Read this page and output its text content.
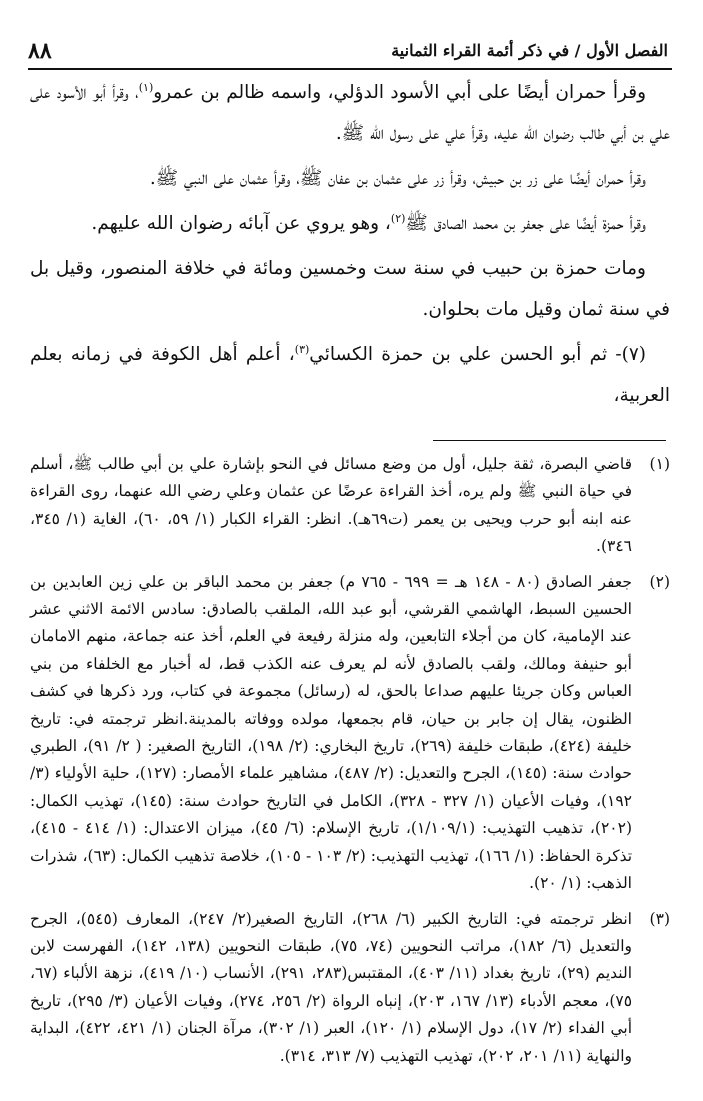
٨٨	الفصل الأول / في ذكر أئمة القراء الثمانية

وقرأ حمران أيضًا على أبي الأسود الدؤلي، واسمه ظالم بن عمرو$^{(١)}$، وقرأ أبو الأسود على علي بن أبي طالب رضوان الله عليه، وقرأ علي على رسول الله ﷺ.

وقرأ حمران أيضًا على زر بن حبيش، وقرأ زر على عثمان بن عفان ﷺ، وقرأ عثمان على النبي ﷺ.

وقرأ حمزة أيضًا على جعفر بن محمد الصادق ﷺ$^{(٢)}$، وهو يروي عن آبائه رضوان الله عليهم.

ومات حمزة بن حبيب في سنة ست وخمسين ومائة في خلافة المنصور، وقيل بل في سنة ثمان وقيل مات بحلوان.

(٧)- ثم أبو الحسن علي بن حمزة الكسائي$^{(٣)}$، أعلم أهل الكوفة في زمانه بعلم العربية،

(١)
قاضي البصرة، ثقة جليل، أول من وضع مسائل في النحو بإشارة علي بن أبي طالب ﷺ، أسلم في حياة النبي ﷺ ولم يره، أخذ القراءة عرضًا عن عثمان وعلي رضي الله عنهما، روى القراءة عنه ابنه أبو حرب ويحيى بن يعمر (ت٦٩هـ). انظر: القراء الكبار (١/ ٥٩، ٦٠)، الغاية (١/ ٣٤٥، ٣٤٦).
(٢)
جعفر الصادق (٨٠ - ١٤٨ هـ = ٦٩٩ - ٧٦٥ م) جعفر بن محمد الباقر بن علي زين العابدين بن الحسين السبط، الهاشمي القرشي، أبو عبد الله، الملقب بالصادق: سادس الائمة الاثني عشر عند الإمامية، كان من أجلاء التابعين، وله منزلة رفيعة في العلم، أخذ عنه جماعة، منهم الامامان أبو حنيفة ومالك، ولقب بالصادق لأنه لم يعرف عنه الكذب قط، له أخبار مع الخلفاء من بني العباس وكان جريئا عليهم صداعا بالحق، له (رسائل) مجموعة في كتاب، ورد ذكرها في كشف الظنون، يقال إن جابر بن حيان، قام بجمعها، مولده ووفاته بالمدينة.انظر ترجمته في: تاريخ خليفة (٤٢٤)، طبقات خليفة (٢٦٩)، تاريخ البخاري: (٢/ ١٩٨)، التاريخ الصغير: ( ٢/ ٩١)، الطبري حوادث سنة: (١٤٥)، الجرح والتعديل: (٢/ ٤٨٧)، مشاهير علماء الأمصار: (١٢٧)، حلية الأولياء (٣/ ١٩٢)، وفيات الأعيان (١/ ٣٢٧ - ٣٢٨)، الكامل في التاريخ حوادث سنة: (١٤٥)، تهذيب الكمال: (٢٠٢)، تذهيب التهذيب: (١/١٠٩/١)، تاريخ الإسلام: (٦/ ٤٥)، ميزان الاعتدال: (١/ ٤١٤ - ٤١٥)، تذكرة الحفاظ: (١/ ١٦٦)، تهذيب التهذيب: (٢/ ١٠٣ - ١٠٥)، خلاصة تذهيب الكمال: (٦٣)، شذرات الذهب: (١/ ٢٠).
(٣)
انظر ترجمته في: التاريخ الكبير (٦/ ٢٦٨)، التاريخ الصغير(٢/ ٢٤٧)، المعارف (٥٤٥)، الجرح والتعديل (٦/ ١٨٢)، مراتب النحويين (٧٤، ٧٥)، طبقات النحويين (١٣٨، ١٤٢)، الفهرست لابن النديم (٢٩)، تاريخ بغداد (١١/ ٤٠٣)، المقتبس(٢٨٣، ٢٩١)، الأنساب (١٠/ ٤١٩)، نزهة الألباء (٦٧، ٧٥)، معجم الأدباء (١٣/ ١٦٧، ٢٠٣)، إنباه الرواة (٢/ ٢٥٦، ٢٧٤)، وفيات الأعيان (٣/ ٢٩٥)، تاريخ أبي الفداء (٢/ ١٧)، دول الإسلام (١/ ١٢٠)، العبر (١/ ٣٠٢)، مرآة الجنان (١/ ٤٢١، ٤٢٢)، البداية والنهاية (١١/ ٢٠١، ٢٠٢)، تهذيب التهذيب (٧/ ٣١٣، ٣١٤).
